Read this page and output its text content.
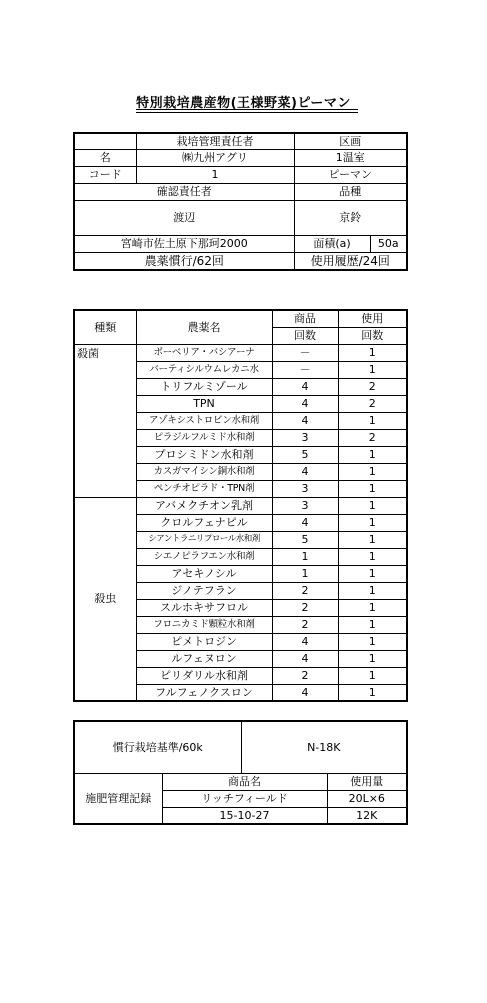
特別栽培農産物(王様野菜)ピーマン
	栽培管理責任者	区画	
名	㈱九州アグリ	1温室	
コード	1	ピーマン	
確認責任者		品種	
渡辺		京鈴	
宮崎市佐土原下那珂2000		面積(a)	50a
農薬慣行/62回		使用履歴/24回	
種類	農薬名	商品	使用
		回数	回数
殺菌	ボーベリア・バシアーナ	－	1
	バーティシルウムレカニ水	－	1
	トリフルミゾール	4	2
	TPN	4	2
	アゾキシストロビン水和剤	4	1
	ピラジルフルミド水和剤	3	2
	プロシミドン水和剤	5	1
	カスガマイシン銅水和剤	4	1
	ペンチオピラド・TPN剤	3	1
殺虫	アバメクチオン乳剤	3	1
	クロルフェナピル	4	1
	シアントラニリプロール水和剤	5	1
	シエノピラフエン水和剤	1	1
	アセキノシル	1	1
	ジノテフラン	2	1
	スルホキサフロル	2	1
	フロニカミド顆粒水和剤	2	1
	ピメトロジン	4	1
	ルフェヌロン	4	1
	ピリダリル水和剤	2	1
	フルフェノクスロン	4	1
慣行栽培基準/60k		N-18K	
施肥管理記録	商品名		使用量
	リッチフィールド		20L×6
	15-10-27		12K
